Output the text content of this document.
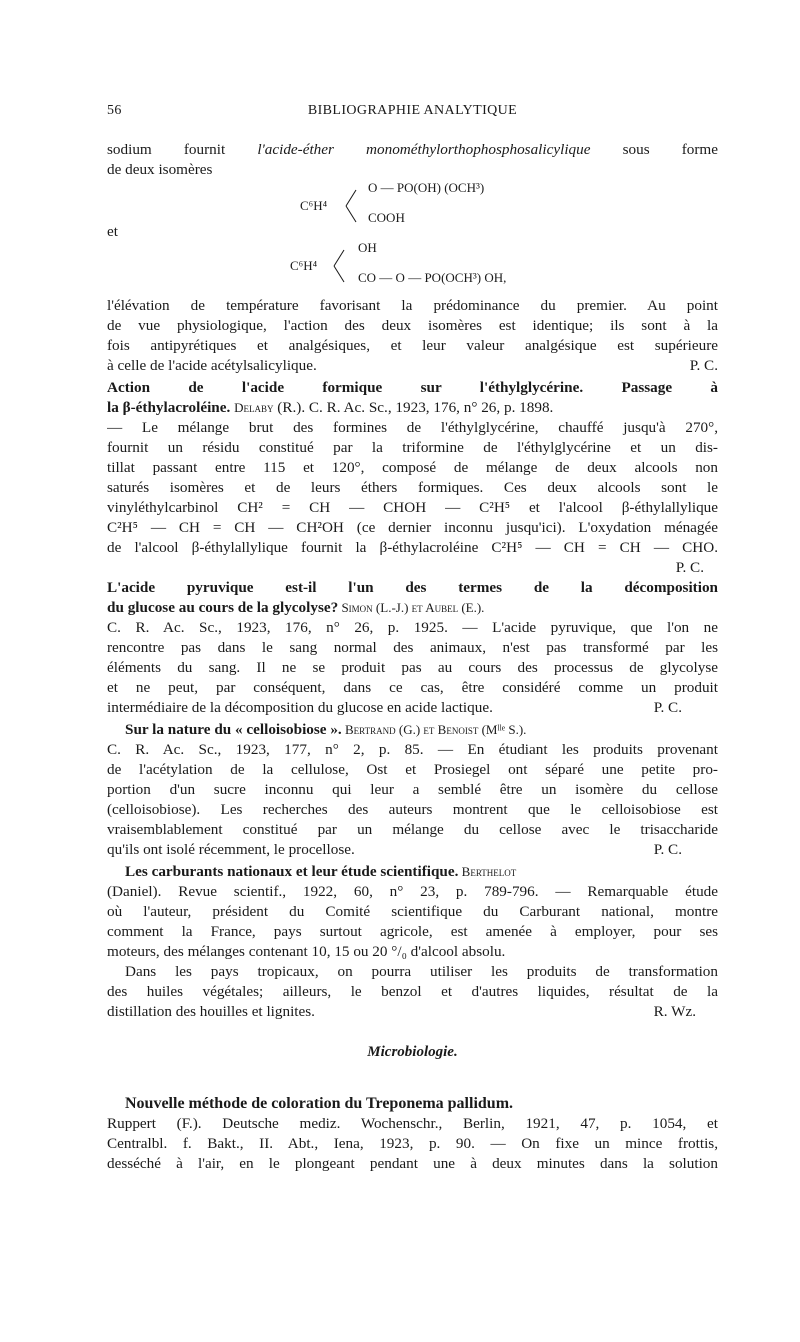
56	BIBLIOGRAPHIE ANALYTIQUE
sodium fournit l'acide-éther monométhylorthophosphosalicylique sous forme
de deux isomères
C⁶H⁴
O — PO(OH) (OCH³)
COOH
et
C⁶H⁴
OH
CO — O — PO(OCH³) OH,
l'élévation de température favorisant la prédominance du premier. Au point
de vue physiologique, l'action des deux isomères est identique; ils sont à la
fois antipyrétiques et analgésiques, et leur valeur analgésique est supérieure
à celle de l'acide acétylsalicylique.	P. C.
Action de l'acide formique sur l'éthylglycérine. Passage à
la β-éthylacroléine. Delaby (R.). C. R. Ac. Sc., 1923, 176, n° 26, p. 1898.
— Le mélange brut des formines de l'éthylglycérine, chauffé jusqu'à 270°,
fournit un résidu constitué par la triformine de l'éthylglycérine et un dis-
tillat passant entre 115 et 120°, composé de mélange de deux alcools non
saturés isomères et de leurs éthers formiques. Ces deux alcools sont le
vinyléthylcarbinol CH² = CH — CHOH — C²H⁵ et l'alcool β-éthylallylique
C²H⁵ — CH = CH — CH²OH (ce dernier inconnu jusqu'ici). L'oxydation ménagée
de l'alcool β-éthylallylique fournit la β-éthylacroléine C²H⁵ — CH = CH — CHO.
P. C.
L'acide pyruvique est-il l'un des termes de la décomposition
du glucose au cours de la glycolyse? Simon (L.-J.) et Aubel (E.).
C. R. Ac. Sc., 1923, 176, n° 26, p. 1925. — L'acide pyruvique, que l'on ne
rencontre pas dans le sang normal des animaux, n'est pas transformé par les
éléments du sang. Il ne se produit pas au cours des processus de glycolyse
et ne peut, par conséquent, dans ce cas, être considéré comme un produit
intermédiaire de la décomposition du glucose en acide lactique.	P. C.
Sur la nature du « celloisobiose ». Bertrand (G.) et Benoist (Mˡˡᵉ S.).
C. R. Ac. Sc., 1923, 177, n° 2, p. 85. — En étudiant les produits provenant
de l'acétylation de la cellulose, Ost et Prosiegel ont séparé une petite pro-
portion d'un sucre inconnu qui leur a semblé être un isomère du cellose
(celloisobiose). Les recherches des auteurs montrent que le celloisobiose est
vraisemblablement constitué par un mélange du cellose avec le trisaccharide
qu'ils ont isolé récemment, le procellose.	P. C.
Les carburants nationaux et leur étude scientifique. Berthelot
(Daniel). Revue scientif., 1922, 60, n° 23, p. 789-796. — Remarquable étude
où l'auteur, président du Comité scientifique du Carburant national, montre
comment la France, pays surtout agricole, est amenée à employer, pour ses
moteurs, des mélanges contenant 10, 15 ou 20 °/₀ d'alcool absolu.
Dans les pays tropicaux, on pourra utiliser les produits de transformation
des huiles végétales; ailleurs, le benzol et d'autres liquides, résultat de la
distillation des houilles et lignites.	R. Wz.
Microbiologie.
Nouvelle méthode de coloration du Treponema pallidum.
Ruppert (F.). Deutsche mediz. Wochenschr., Berlin, 1921, 47, p. 1054, et
Centralbl. f. Bakt., II. Abt., Iena, 1923, p. 90. — On fixe un mince frottis,
desséché à l'air, en le plongeant pendant une à deux minutes dans la solution
